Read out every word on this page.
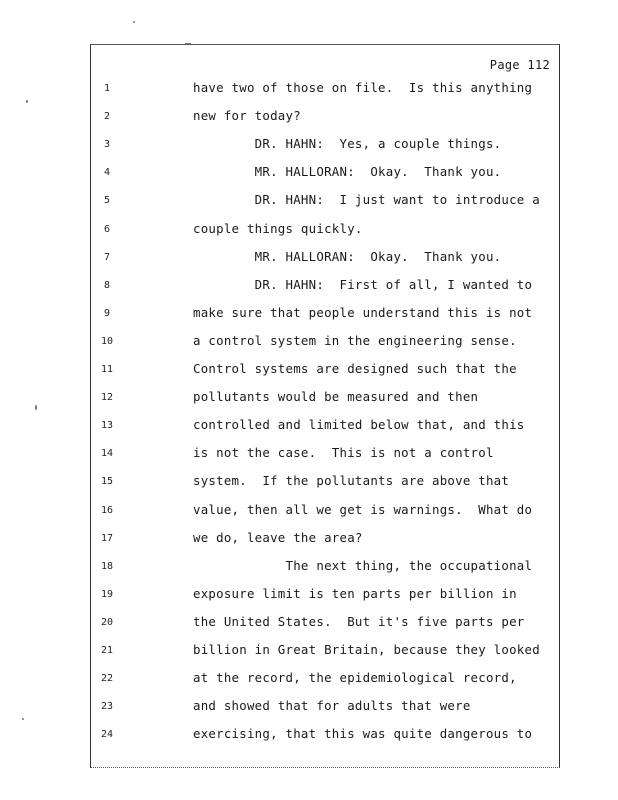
Page 112
1	have two of those on file.  Is this anything
2	new for today?
3	DR. HAHN:  Yes, a couple things.
4	MR. HALLORAN:  Okay.  Thank you.
5	DR. HAHN:  I just want to introduce a
6	couple things quickly.
7	MR. HALLORAN:  Okay.  Thank you.
8	DR. HAHN:  First of all, I wanted to
9	make sure that people understand this is not
10	a control system in the engineering sense.
11	Control systems are designed such that the
12	pollutants would be measured and then
13	controlled and limited below that, and this
14	is not the case.  This is not a control
15	system.  If the pollutants are above that
16	value, then all we get is warnings.  What do
17	we do, leave the area?
18	The next thing, the occupational
19	exposure limit is ten parts per billion in
20	the United States.  But it's five parts per
21	billion in Great Britain, because they looked
22	at the record, the epidemiological record,
23	and showed that for adults that were
24	exercising, that this was quite dangerous to
